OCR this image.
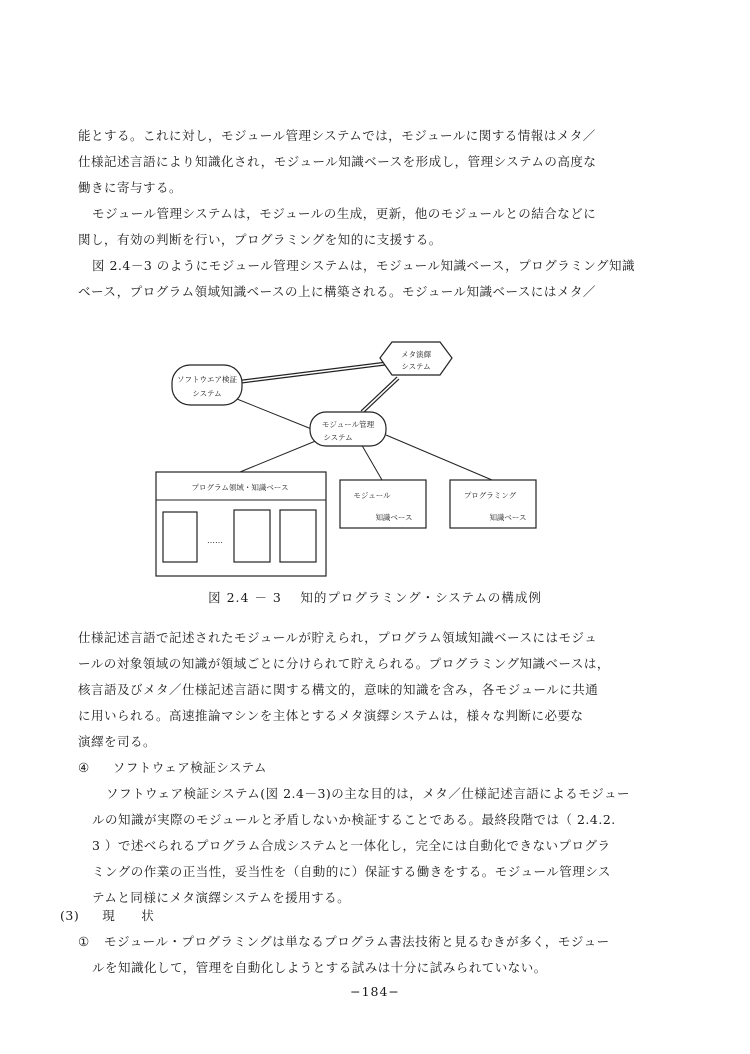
能とする。これに対し，モジュール管理システムでは，モジュールに関する情報はメタ／
仕様記述言語により知識化され，モジュール知識ベースを形成し，管理システムの高度な
働きに寄与する。
モジュール管理システムは，モジュールの生成，更新，他のモジュールとの結合などに
関し，有効の判断を行い，プログラミングを知的に支援する。
図 2.4－3 のようにモジュール管理システムは，モジュール知識ベース，プログラミング知識
ベース，プログラム領域知識ベースの上に構築される。モジュール知識ベースにはメタ／
メタ演繹
システム
ソフトウエア検証
システム
モジュール管理
システム
プログラム領域・知識ベース
……
モジュール
知識ベース
プログラミング
知識ベース
図 2.4 － 3　 知的プログラミング・システムの構成例
仕様記述言語で記述されたモジュールが貯えられ，プログラム領域知識ベースにはモジュ
ールの対象領域の知識が領域ごとに分けられて貯えられる。プログラミング知識ベースは，
核言語及びメタ／仕様記述言語に関する構文的，意味的知識を含み，各モジュールに共通
に用いられる。高速推論マシンを主体とするメタ演繹システムは，様々な判断に必要な
演繹を司る。
④ ソフトウェア検証システム
ソフトウェア検証システム(図 2.4－3)の主な目的は，メタ／仕様記述言語によるモジュー
ルの知識が実際のモジュールと矛盾しないか検証することである。最終段階では（ 2.4.2.
3 ）で述べられるプログラム合成システムと一体化し，完全には自動化できないプログラ
ミングの作業の正当性，妥当性を（自動的に）保証する働きをする。モジュール管理シス
テムと同様にメタ演繹システムを援用する。
(3) 現　　状
① モジュール・プログラミングは単なるプログラム書法技術と見るむきが多く，モジュー
ルを知識化して，管理を自動化しようとする試みは十分に試みられていない。
−184−
